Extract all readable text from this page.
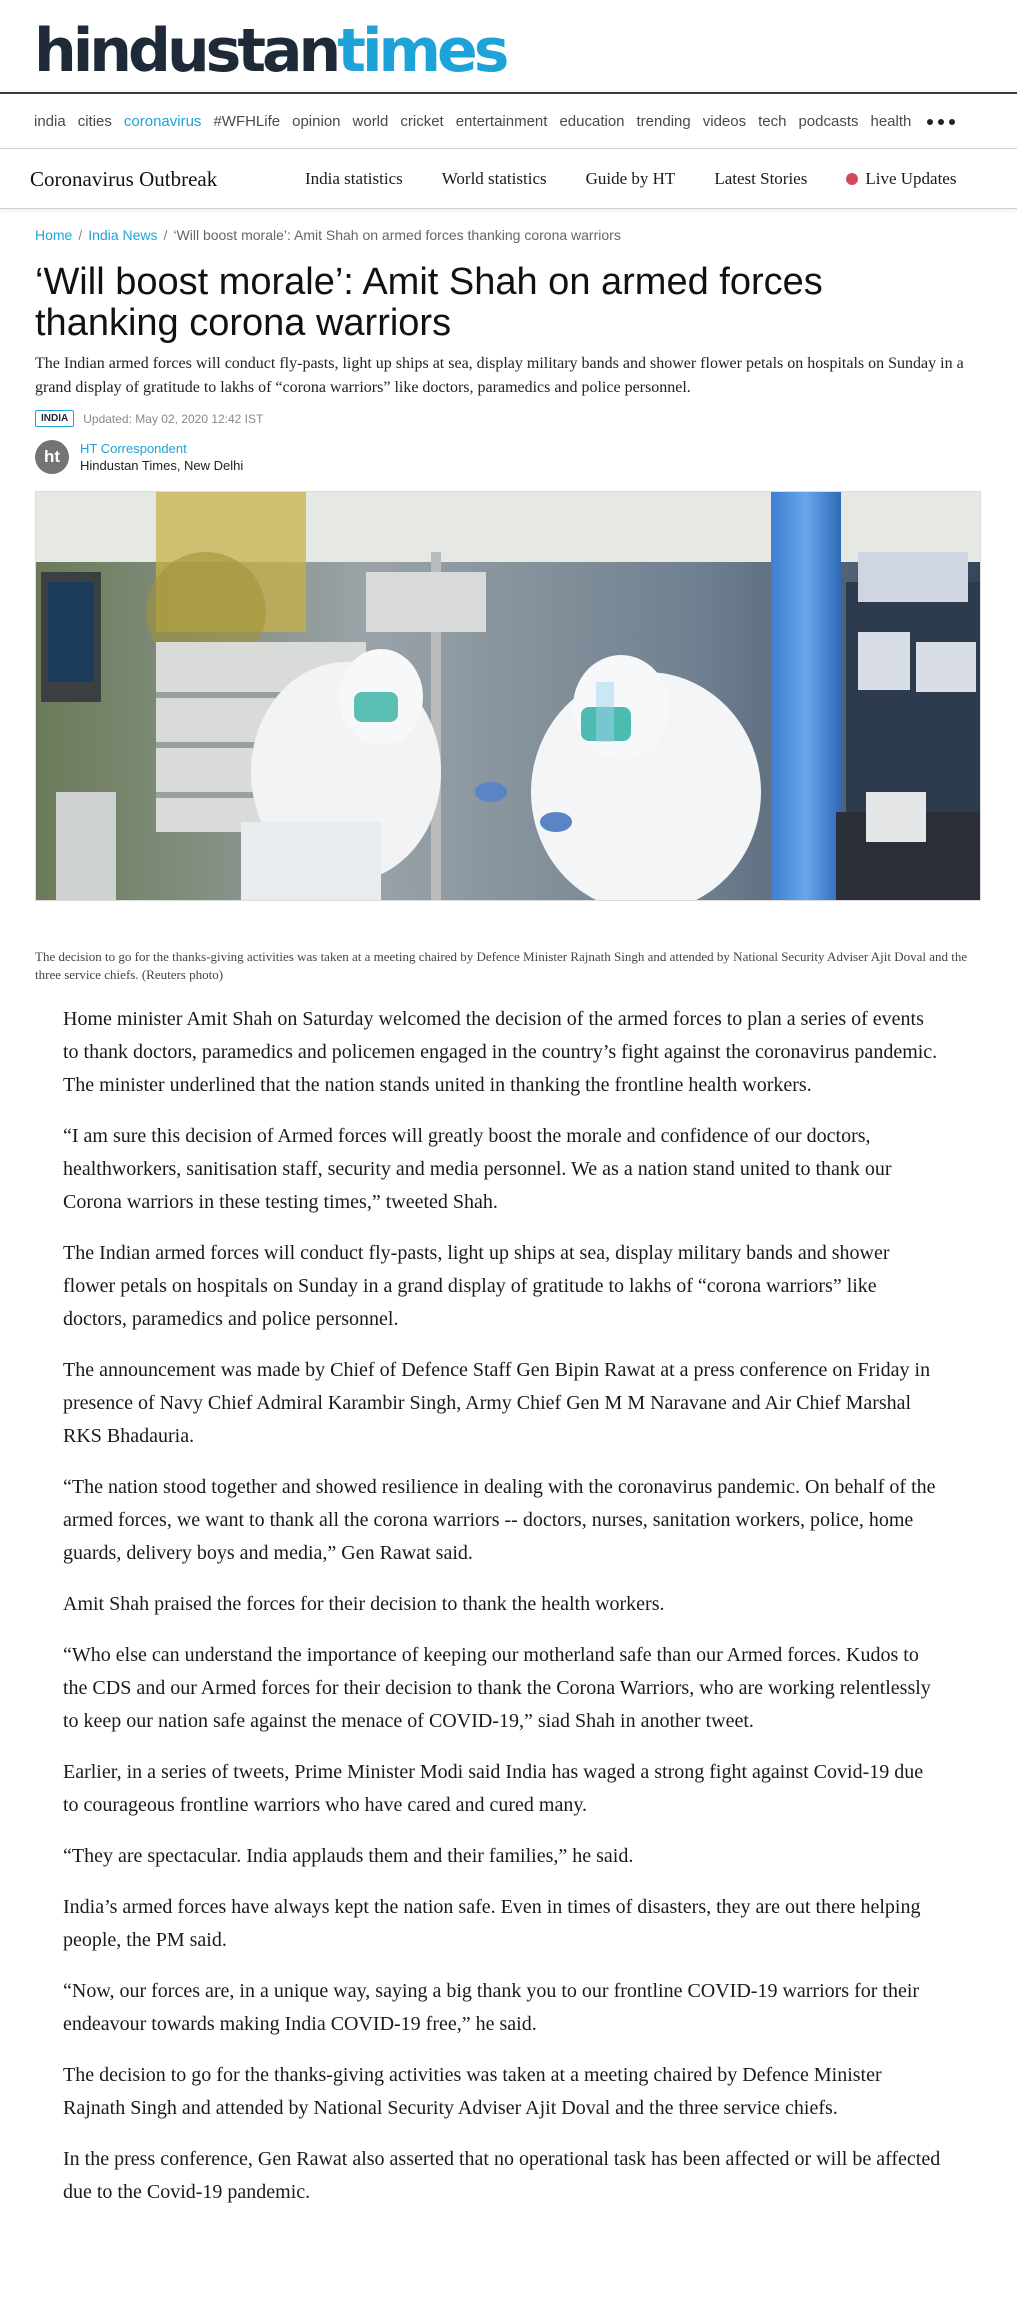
hindustantimes
india cities coronavirus #WFHLife opinion world cricket entertainment education trending videos tech podcasts health
Coronavirus Outbreak	India statistics World statistics Guide by HT Latest Stories	Live Updates
Home / India News / ‘Will boost morale’: Amit Shah on armed forces thanking corona warriors
‘Will boost morale’: Amit Shah on armed forces thanking corona warriors

The Indian armed forces will conduct fly-pasts, light up ships at sea, display military bands and shower flower petals on hospitals on Sunday in a grand display of gratitude to lakhs of “corona warriors” like doctors, paramedics and police personnel.

INDIA	Updated: May 02, 2020 12:42 IST
ht	HT Correspondent
Hindustan Times, New Delhi

The decision to go for the thanks-giving activities was taken at a meeting chaired by Defence Minister Rajnath Singh and attended by National Security Adviser Ajit Doval and the three service chiefs. (Reuters photo)

Home minister Amit Shah on Saturday welcomed the decision of the armed forces to plan a series of events to thank doctors, paramedics and policemen engaged in the country’s fight against the coronavirus pandemic. The minister underlined that the nation stands united in thanking the frontline health workers.

“I am sure this decision of Armed forces will greatly boost the morale and confidence of our doctors, healthworkers, sanitisation staff, security and media personnel. We as a nation stand united to thank our Corona warriors in these testing times,” tweeted Shah.

The Indian armed forces will conduct fly-pasts, light up ships at sea, display military bands and shower flower petals on hospitals on Sunday in a grand display of gratitude to lakhs of “corona warriors” like doctors, paramedics and police personnel.

The announcement was made by Chief of Defence Staff Gen Bipin Rawat at a press conference on Friday in presence of Navy Chief Admiral Karambir Singh, Army Chief Gen M M Naravane and Air Chief Marshal RKS Bhadauria.

“The nation stood together and showed resilience in dealing with the coronavirus pandemic. On behalf of the armed forces, we want to thank all the corona warriors -- doctors, nurses, sanitation workers, police, home guards, delivery boys and media,” Gen Rawat said.

Amit Shah praised the forces for their decision to thank the health workers.

“Who else can understand the importance of keeping our motherland safe than our Armed forces. Kudos to the CDS and our Armed forces for their decision to thank the Corona Warriors, who are working relentlessly to keep our nation safe against the menace of COVID-19,” siad Shah in another tweet.

Earlier, in a series of tweets, Prime Minister Modi said India has waged a strong fight against Covid-19 due to courageous frontline warriors who have cared and cured many.

“They are spectacular. India applauds them and their families,” he said.

India’s armed forces have always kept the nation safe. Even in times of disasters, they are out there helping people, the PM said.

“Now, our forces are, in a unique way, saying a big thank you to our frontline COVID-19 warriors for their endeavour towards making India COVID-19 free,” he said.

The decision to go for the thanks-giving activities was taken at a meeting chaired by Defence Minister Rajnath Singh and attended by National Security Adviser Ajit Doval and the three service chiefs.

In the press conference, Gen Rawat also asserted that no operational task has been affected or will be affected due to the Covid-19 pandemic.
